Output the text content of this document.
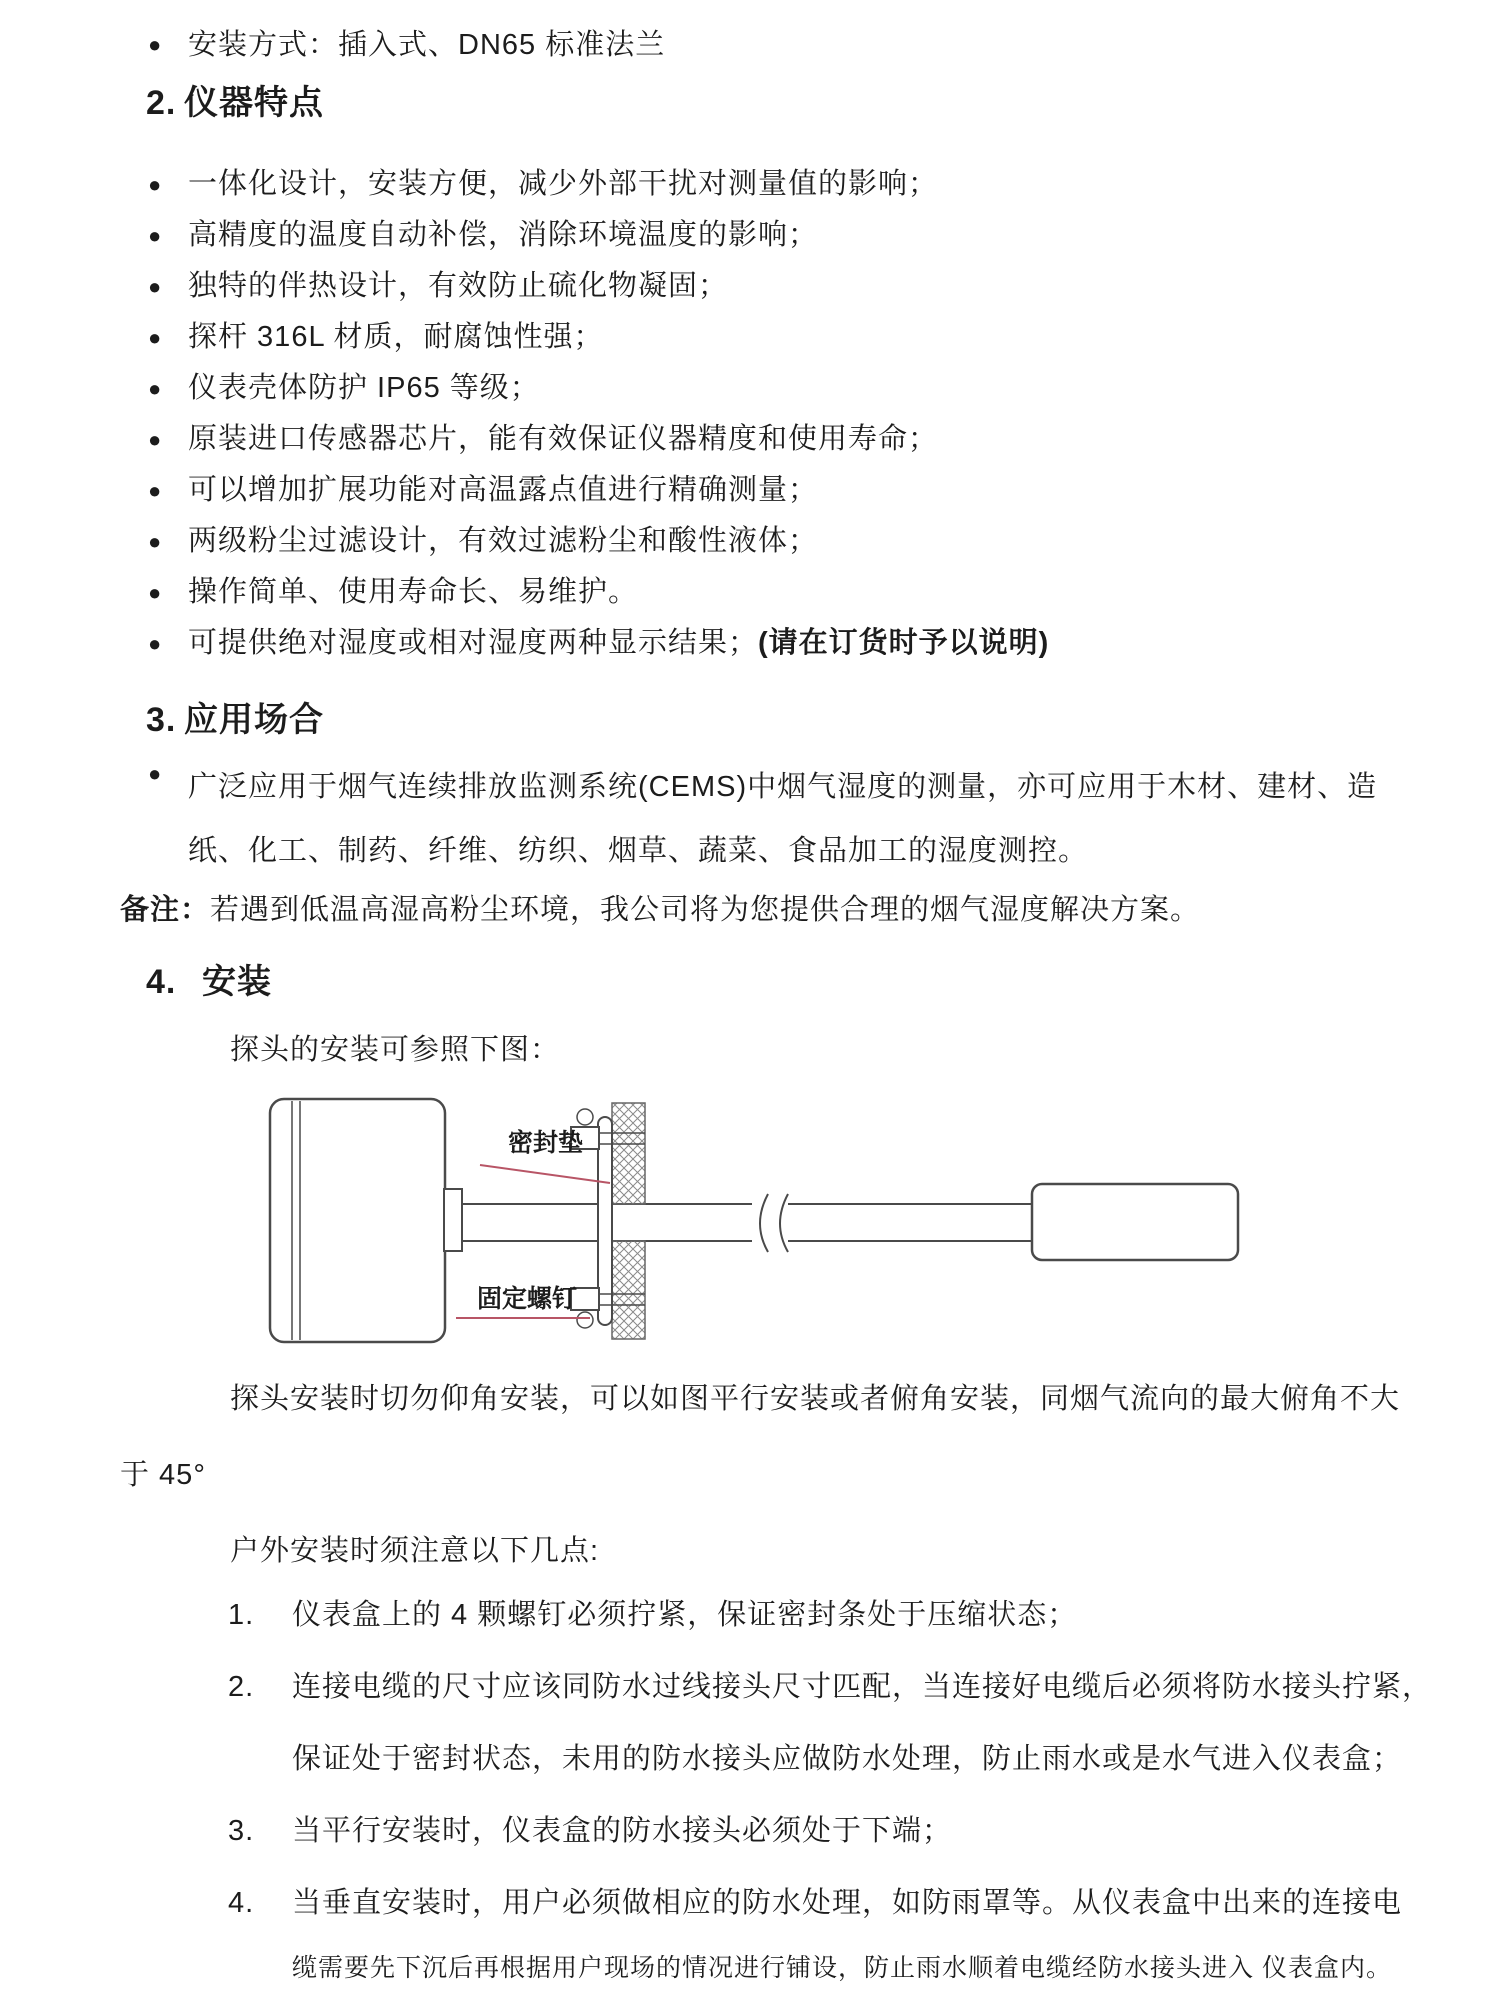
● 安装方式：插入式、DN65 标准法兰
2. 仪器特点
● 一体化设计，安装方便，减少外部干扰对测量值的影响；
● 高精度的温度自动补偿，消除环境温度的影响；
● 独特的伴热设计，有效防止硫化物凝固；
● 探杆 316L 材质，耐腐蚀性强；
● 仪表壳体防护 IP65 等级；
● 原装进口传感器芯片，能有效保证仪器精度和使用寿命；
● 可以增加扩展功能对高温露点值进行精确测量；
● 两级粉尘过滤设计，有效过滤粉尘和酸性液体；
● 操作简单、使用寿命长、易维护。
● 可提供绝对湿度或相对湿度两种显示结果；(请在订货时予以说明)
3. 应用场合
● 广泛应用于烟气连续排放监测系统(CEMS)中烟气湿度的测量，亦可应用于木材、建材、造
纸、化工、制药、纤维、纺织、烟草、蔬菜、食品加工的湿度测控。
备注：若遇到低温高湿高粉尘环境，我公司将为您提供合理的烟气湿度解决方案。
4. 安装
探头的安装可参照下图：
密封垫
固定螺钉
探头安装时切勿仰角安装，可以如图平行安装或者俯角安装，同烟气流向的最大俯角不大
于 45°
户外安装时须注意以下几点:
1.	仪表盒上的 4 颗螺钉必须拧紧，保证密封条处于压缩状态；
2.	连接电缆的尺寸应该同防水过线接头尺寸匹配，当连接好电缆后必须将防水接头拧紧，
保证处于密封状态，未用的防水接头应做防水处理，防止雨水或是水气进入仪表盒；
3.	当平行安装时，仪表盒的防水接头必须处于下端；
4.	当垂直安装时，用户必须做相应的防水处理，如防雨罩等。从仪表盒中出来的连接电
缆需要先下沉后再根据用户现场的情况进行铺设，防止雨水顺着电缆经防水接头进入 仪表盒内。
